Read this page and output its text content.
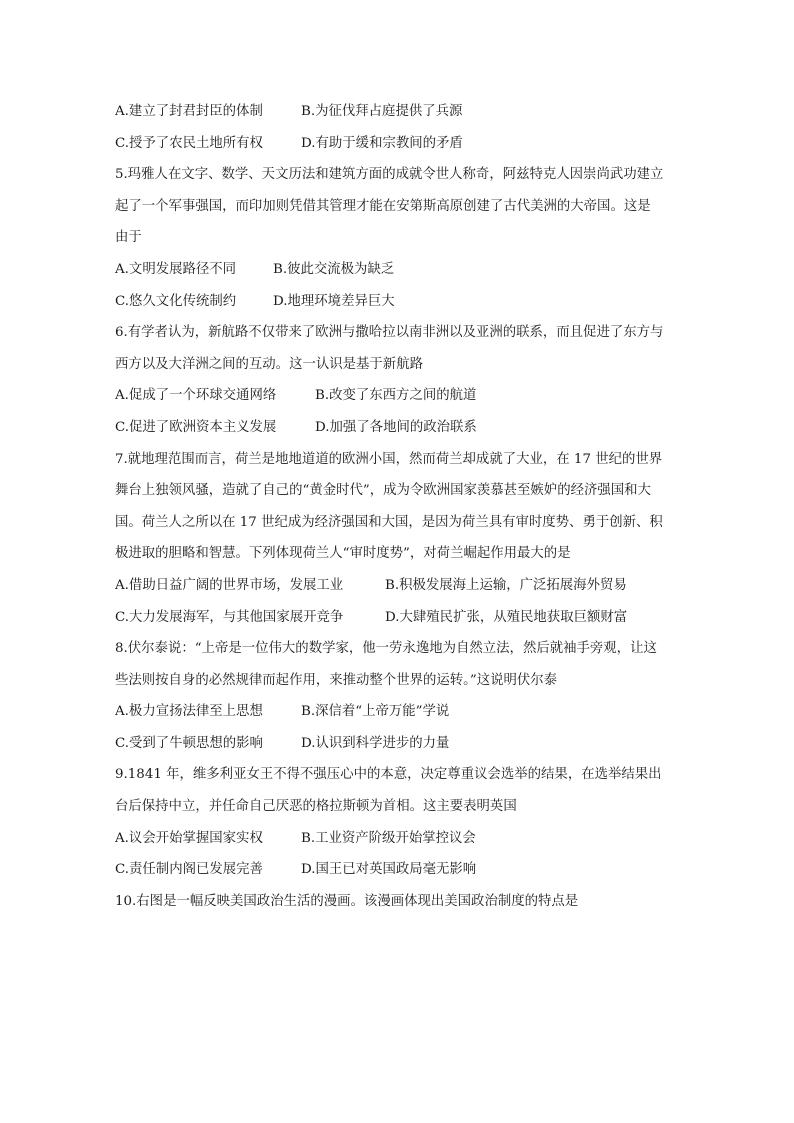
A.建立了封君封臣的体制	B.为征伐拜占庭提供了兵源
C.授予了农民土地所有权	D.有助于缓和宗教间的矛盾
5.玛雅人在文字、数学、天文历法和建筑方面的成就令世人称奇，阿兹特克人因崇尚武功建立
起了一个军事强国，而印加则凭借其管理才能在安第斯高原创建了古代美洲的大帝国。这是
由于
A.文明发展路径不同	B.彼此交流极为缺乏
C.悠久文化传统制约	D.地理环境差异巨大
6.有学者认为，新航路不仅带来了欧洲与撒哈拉以南非洲以及亚洲的联系，而且促进了东方与
西方以及大洋洲之间的互动。这一认识是基于新航路
A.促成了一个环球交通网络	B.改变了东西方之间的航道
C.促进了欧洲资本主义发展	D.加强了各地间的政治联系
7.就地理范围而言，荷兰是地地道道的欧洲小国，然而荷兰却成就了大业，在 17 世纪的世界
舞台上独领风骚，造就了自己的“黄金时代”，成为令欧洲国家羡慕甚至嫉妒的经济强国和大
国。荷兰人之所以在 17 世纪成为经济强国和大国，是因为荷兰具有审时度势、勇于创新、积
极进取的胆略和智慧。下列体现荷兰人“审时度势”，对荷兰崛起作用最大的是
A.借助日益广阔的世界市场，发展工业	B.积极发展海上运输，广泛拓展海外贸易
C.大力发展海军，与其他国家展开竞争	D.大肆殖民扩张，从殖民地获取巨额财富
8.伏尔泰说：“上帝是一位伟大的数学家，他一劳永逸地为自然立法，然后就袖手旁观，让这
些法则按自身的必然规律而起作用，来推动整个世界的运转。”这说明伏尔泰
A.极力宣扬法律至上思想	B.深信着“上帝万能”学说
C.受到了牛顿思想的影响	D.认识到科学进步的力量
9.1841 年，维多利亚女王不得不强压心中的本意，决定尊重议会选举的结果，在选举结果出
台后保持中立，并任命自己厌恶的格拉斯顿为首相。这主要表明英国
A.议会开始掌握国家实权	B.工业资产阶级开始掌控议会
C.责任制内阁已发展完善	D.国王已对英国政局毫无影响
10.右图是一幅反映美国政治生活的漫画。该漫画体现出美国政治制度的特点是
